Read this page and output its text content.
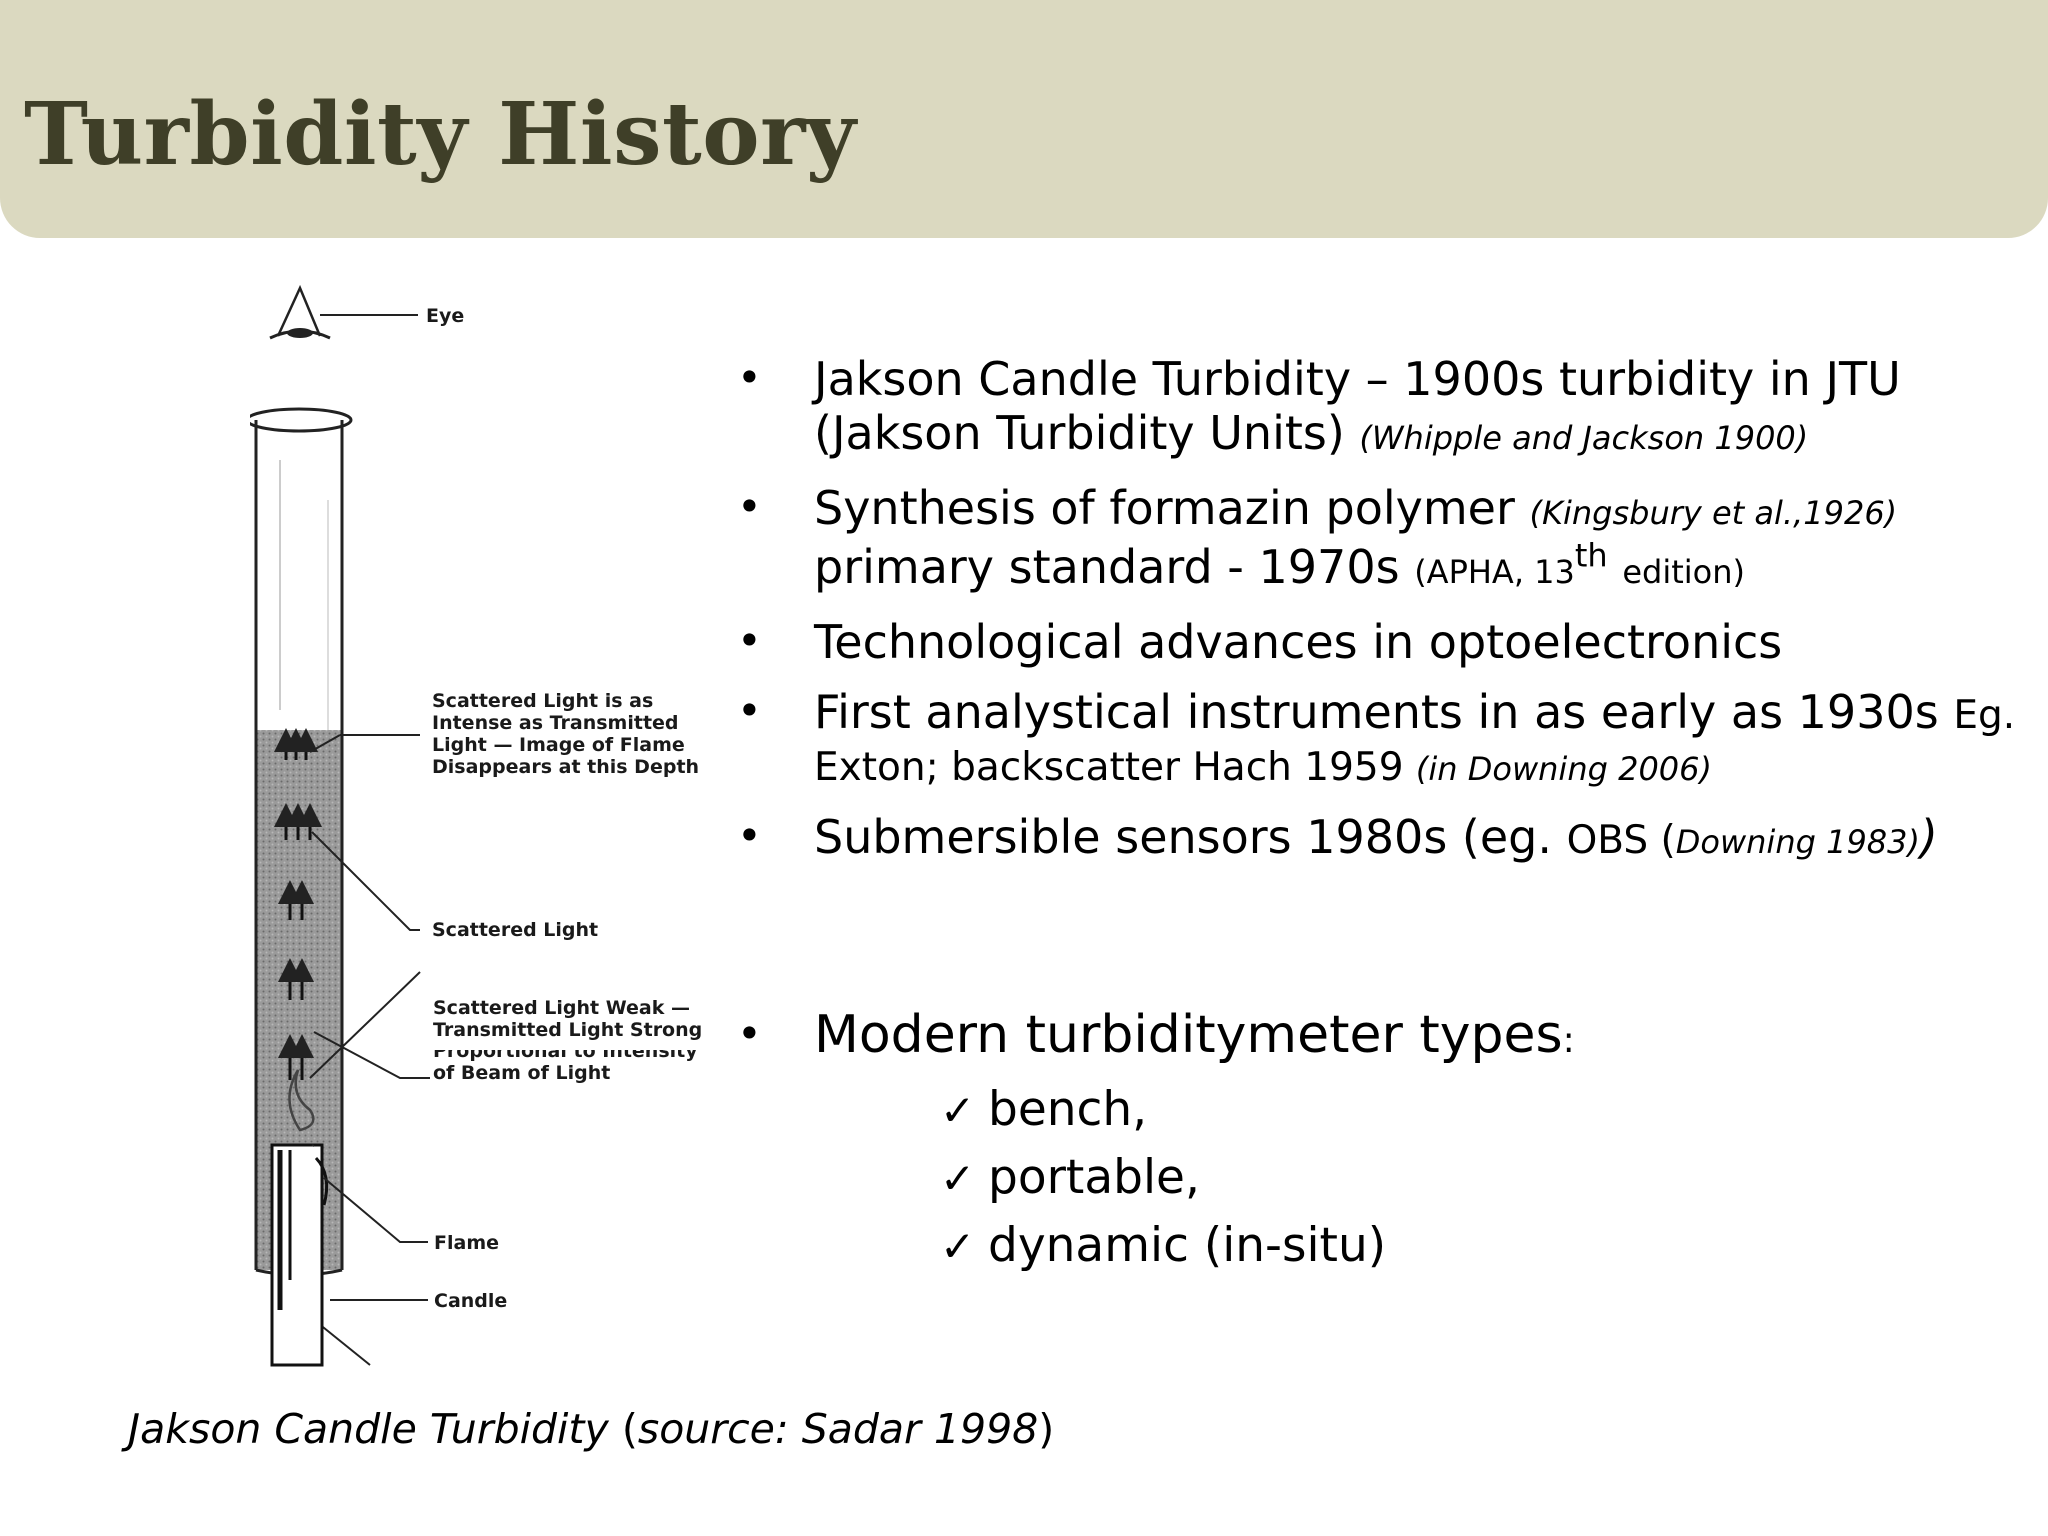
Turbidity History
Eye
Scattered Light is as
Intense as Transmitted
Light — Image of Flame
Disappears at this Depth
Scattered Light
Scattered Light Weak —
Transmitted Light Strong
Proportional to Intensity
of Beam of Light
Flame
Candle
• Jakson Candle Turbidity – 1900s turbidity in JTU
(Jakson Turbidity Units) (Whipple and Jackson 1900)
• Synthesis of formazin polymer (Kingsbury et al.,1926)
primary standard - 1970s (APHA, 13th edition)
• Technological advances in optoelectronics
• First analystical instruments in as early as 1930s Eg.
Exton; backscatter Hach 1959 (in Downing 2006)
• Submersible sensors 1980s (eg. OBS (Downing 1983))
• Modern turbiditymeter types:
✓ bench,
✓ portable,
✓ dynamic (in-situ)
Jakson Candle Turbidity (source: Sadar 1998)
